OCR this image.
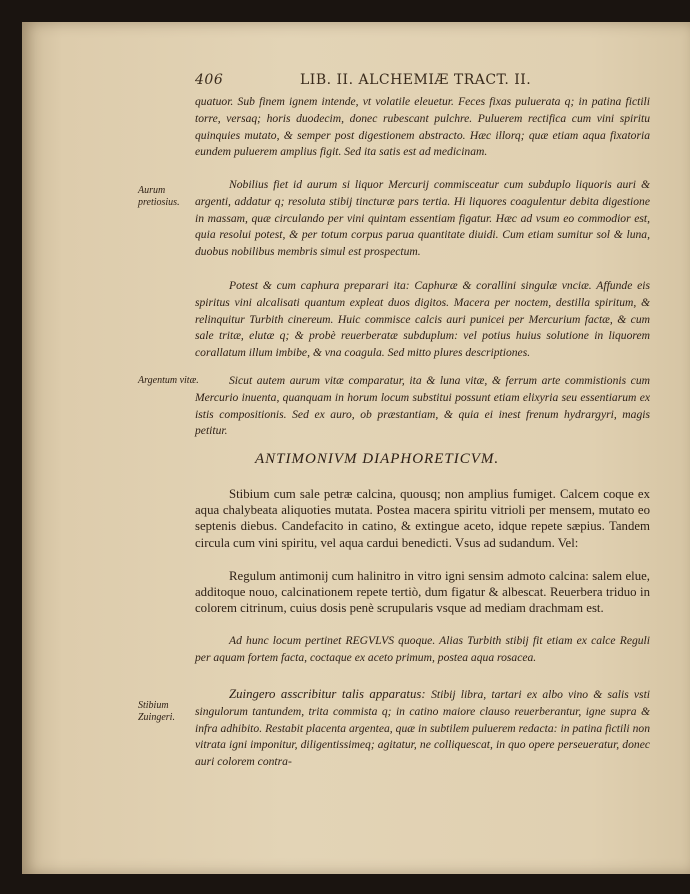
406	LIB. II. ALCHEMIÆ TRACT. II.

quatuor. Sub finem ignem intende, vt volatile eleuetur. Feces fixas puluerata q; in patina fictili torre, versaq; horis duodecim, donec rubescant pulchre. Puluerem rectifica cum vini spiritu quinquies mutato, & semper post digestionem abstracto. Hæc illorq; quæ etiam aqua fixatoria eundem puluerem amplius figit. Sed ita satis est ad medicinam.

Aurum pretiosius.

Nobilius fiet id aurum si liquor Mercurij commisceatur cum subduplo liquoris auri & argenti, addatur q; resoluta stibij tincturæ pars tertia. Hi liquores coagulentur debita digestione in massam, quæ circulando per vini quintam essentiam figatur. Hæc ad vsum eo commodior est, quia resolui potest, & per totum corpus parua quantitate diuidi. Cum etiam sumitur sol & luna, duobus nobilibus membris simul est prospectum.

Potest & cum caphura preparari ita: Caphuræ & corallini singulæ vnciæ. Affunde eis spiritus vini alcalisati quantum expleat duos digitos. Macera per noctem, destilla spiritum, & relinquitur Turbith cinereum. Huic commisce calcis auri punicei per Mercurium factæ, & cum sale tritæ, elutæ q; & probè reuerberatæ subduplum: vel potius huius solutione in liquorem corallatum illum imbibe, & vna coagula. Sed mitto plures descriptiones.

Argentum vitæ.	Sicut autem aurum vitæ comparatur, ita & luna vitæ, & ferrum arte commistionis cum Mercurio inuenta, quanquam in horum locum substitui possunt etiam elixyria seu essentiarum ex istis compositionis. Sed ex auro, ob præstantiam, & quia ei inest frenum hydrargyri, magis petitur.

ANTIMONIVM DIAPHORETICVM.

Stibium cum sale petræ calcina, quousq; non amplius fumiget. Calcem coque ex aqua chalybeata aliquoties mutata. Postea macera spiritu vitrioli per mensem, mutato eo septenis diebus. Candefacito in catino, & extingue aceto, idque repete sæpius. Tandem circula cum vini spiritu, vel aqua cardui benedicti. Vsus ad sudandum. Vel:

Regulum antimonij cum halinitro in vitro igni sensim admoto calcina: salem elue, additoque nouo, calcinationem repete tertiò, dum figatur & albescat. Reuerbera triduo in colorem citrinum, cuius dosis penè scrupularis vsque ad mediam drachmam est.

Ad hunc locum pertinet REGVLVS quoque. Alias Turbith stibij fit etiam ex calce Reguli per aquam fortem facta, coctaque ex aceto primum, postea aqua rosacea.

Stibium Zuingeri.

Zuingero asscribitur talis apparatus: Stibij libra, tartari ex albo vino & salis vsti singulorum tantundem, trita commista q; in catino maiore clauso reuerberantur, igne supra & infra adhibito. Restabit placenta argentea, quæ in subtilem puluerem redacta: in patina fictili non vitrata igni imponitur, diligentissimeq; agitatur, ne colliquescat, in quo opere perseueratur, donec auri colorem contra-
